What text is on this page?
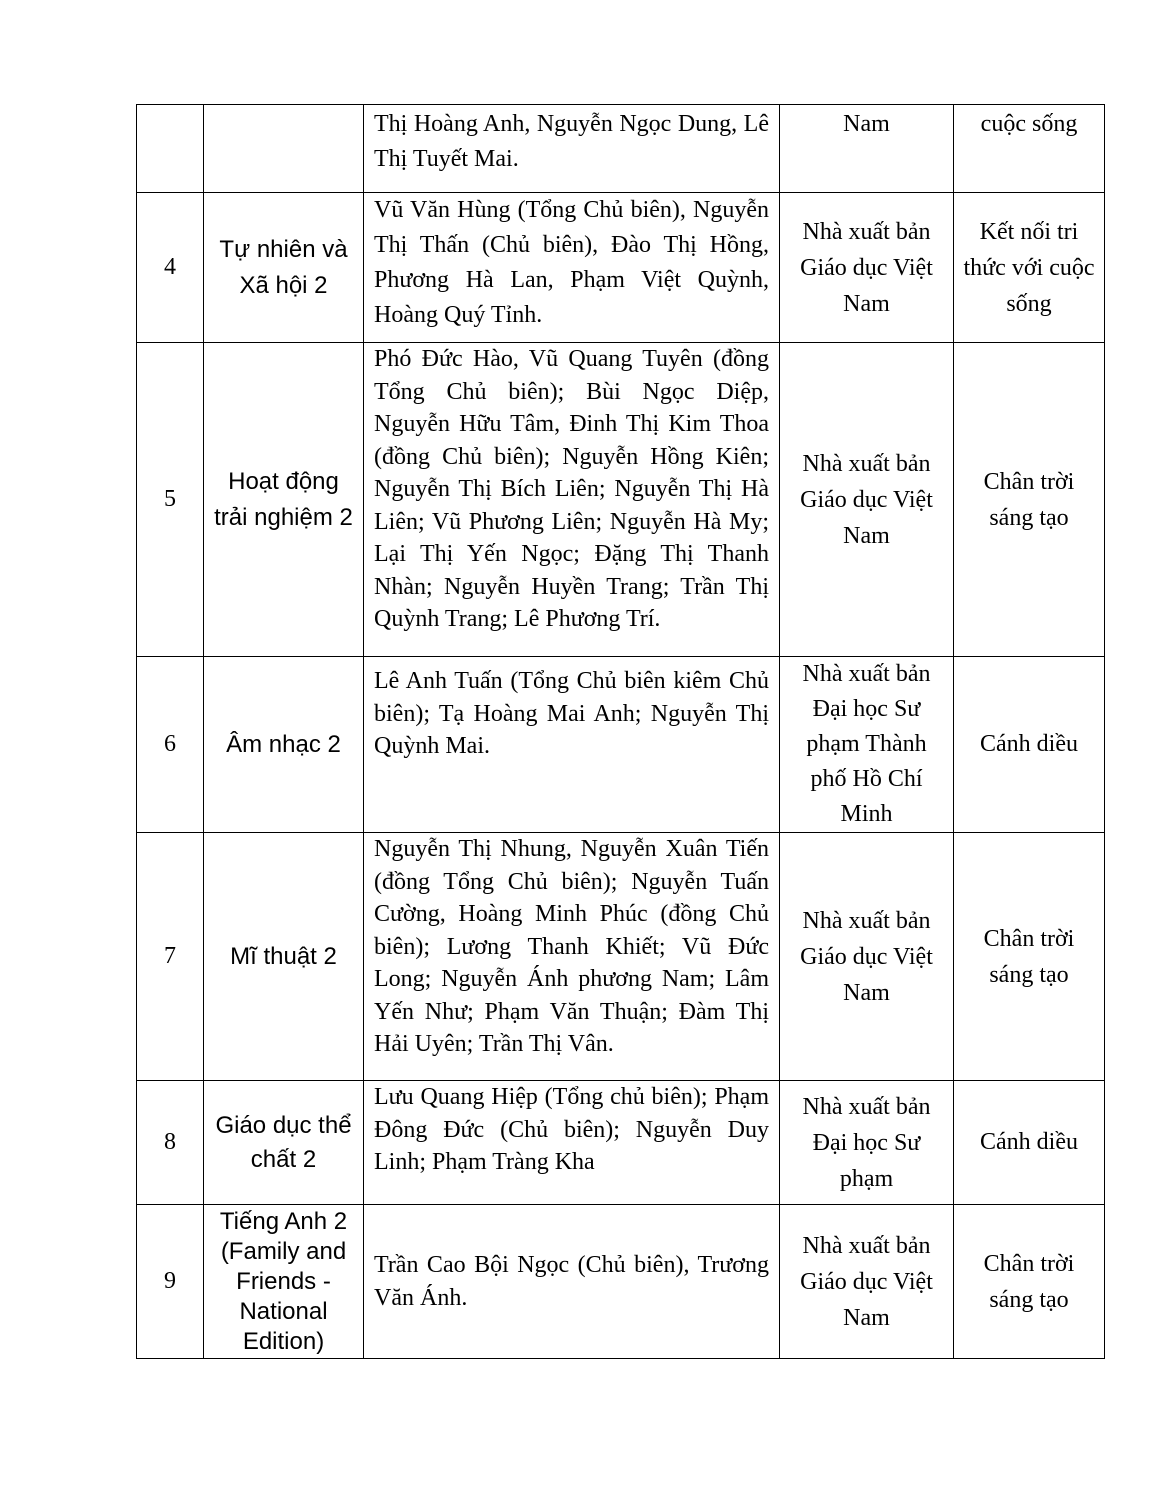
		Thị Hoàng Anh, Nguyễn Ngọc Dung, Lê Thị Tuyết Mai.	Nam	cuộc sống
4	Tự nhiên và Xã hội 2	Vũ Văn Hùng (Tổng Chủ biên), Nguyễn Thị Thấn (Chủ biên), Đào Thị Hồng, Phương Hà Lan, Phạm Việt Quỳnh, Hoàng Quý Tỉnh.	Nhà xuất bản Giáo dục Việt Nam	Kết nối tri thức với cuộc sống
5	Hoạt động trải nghiệm 2	Phó Đức Hào, Vũ Quang Tuyên (đồng Tổng Chủ biên); Bùi Ngọc Diệp, Nguyễn Hữu Tâm, Đinh Thị Kim Thoa (đồng Chủ biên); Nguyễn Hồng Kiên; Nguyễn Thị Bích Liên; Nguyễn Thị Hà Liên; Vũ Phương Liên; Nguyễn Hà My; Lại Thị Yến Ngọc; Đặng Thị Thanh Nhàn; Nguyễn Huyền Trang; Trần Thị Quỳnh Trang; Lê Phương Trí.	Nhà xuất bản Giáo dục Việt Nam	Chân trời sáng tạo
6	Âm nhạc 2	Lê Anh Tuấn (Tổng Chủ biên kiêm Chủ biên); Tạ Hoàng Mai Anh; Nguyễn Thị Quỳnh Mai.	Nhà xuất bản Đại học Sư phạm Thành phố Hồ Chí Minh	Cánh diều
7	Mĩ thuật 2	Nguyễn Thị Nhung, Nguyễn Xuân Tiến (đồng Tổng Chủ biên); Nguyễn Tuấn Cường, Hoàng Minh Phúc (đồng Chủ biên); Lương Thanh Khiết; Vũ Đức Long; Nguyễn Ánh phương Nam; Lâm Yến Như; Phạm Văn Thuận; Đàm Thị Hải Uyên; Trần Thị Vân.	Nhà xuất bản Giáo dục Việt Nam	Chân trời sáng tạo
8	Giáo dục thể chất 2	Lưu Quang Hiệp (Tổng chủ biên); Phạm Đông Đức (Chủ biên); Nguyễn Duy Linh; Phạm Tràng Kha	Nhà xuất bản Đại học Sư phạm	Cánh diều
9	Tiếng Anh 2 (Family and Friends - National Edition)	Trần Cao Bội Ngọc (Chủ biên), Trương Văn Ánh.	Nhà xuất bản Giáo dục Việt Nam	Chân trời sáng tạo
